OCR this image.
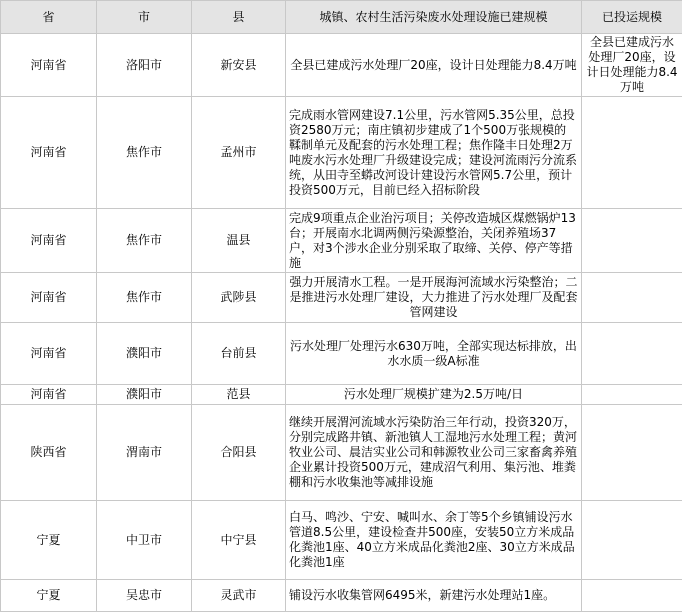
省	市	县	城镇、农村生活污染废水处理设施已建规模	已投运规模
河南省	洛阳市	新安县	全县已建成污水处理厂20座，设计日处理能力8.4万吨	全县已建成污水处理厂20座，设计日处理能力8.4万吨
河南省	焦作市	孟州市	完成雨水管网建设7.1公里，污水管网5.35公里，总投资2580万元；南庄镇初步建成了1个500万张规模的鞣制单元及配套的污水处理工程；焦作隆丰日处理2万吨废水污水处理厂升级建设完成；建设河流雨污分流系统，从田寺至蟒改河设计建设污水管网5.7公里，预计投资500万元，目前已经入招标阶段	
河南省	焦作市	温县	完成9项重点企业治污项目；关停改造城区煤燃锅炉13台；开展南水北调两侧污染源整治，关闭养殖场37户，对3个涉水企业分别采取了取缔、关停、停产等措施	
河南省	焦作市	武陟县	强力开展清水工程。一是开展海河流域水污染整治；二是推进污水处理厂建设，大力推进了污水处理厂及配套管网建设	
河南省	濮阳市	台前县	污水处理厂处理污水630万吨，全部实现达标排放，出水水质一级A标准	
河南省	濮阳市	范县	污水处理厂规模扩建为2.5万吨/日	
陕西省	渭南市	合阳县	继续开展渭河流域水污染防治三年行动，投资320万，分别完成路井镇、新池镇人工湿地污水处理工程；黄河牧业公司、晨洁实业公司和韩源牧业公司三家畜禽养殖企业累计投资500万元，建成沼气利用、集污池、堆粪棚和污水收集池等减排设施	
宁夏	中卫市	中宁县	白马、鸣沙、宁安、喊叫水、余丁等5个乡镇铺设污水管道8.5公里，建设检查井500座，安装50立方米成品化粪池1座、40立方米成品化粪池2座、30立方米成品化粪池1座	
宁夏	吴忠市	灵武市	铺设污水收集管网6495米，新建污水处理站1座。	
